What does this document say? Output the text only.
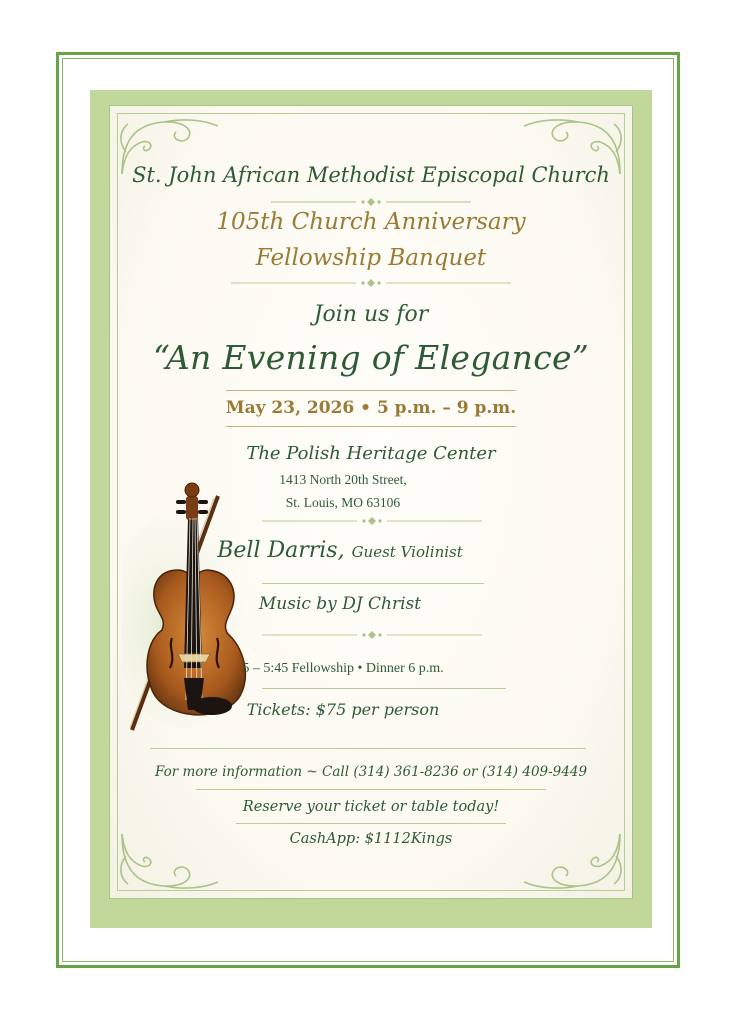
St. John African Methodist Episcopal Church
105th Church Anniversary
Fellowship Banquet
Join us for
“An Evening of Elegance”
May 23, 2026 • 5 p.m. – 9 p.m.
The Polish Heritage Center
1413 North 20th Street,
St. Louis, MO 63106
Bell Darris, Guest Violinist
Music by DJ Christ
5 – 5:45 Fellowship • Dinner 6 p.m.
Tickets: $75 per person
For more information ~ Call (314) 361-8236 or (314) 409-9449
Reserve your ticket or table today!
CashApp: $1112Kings
